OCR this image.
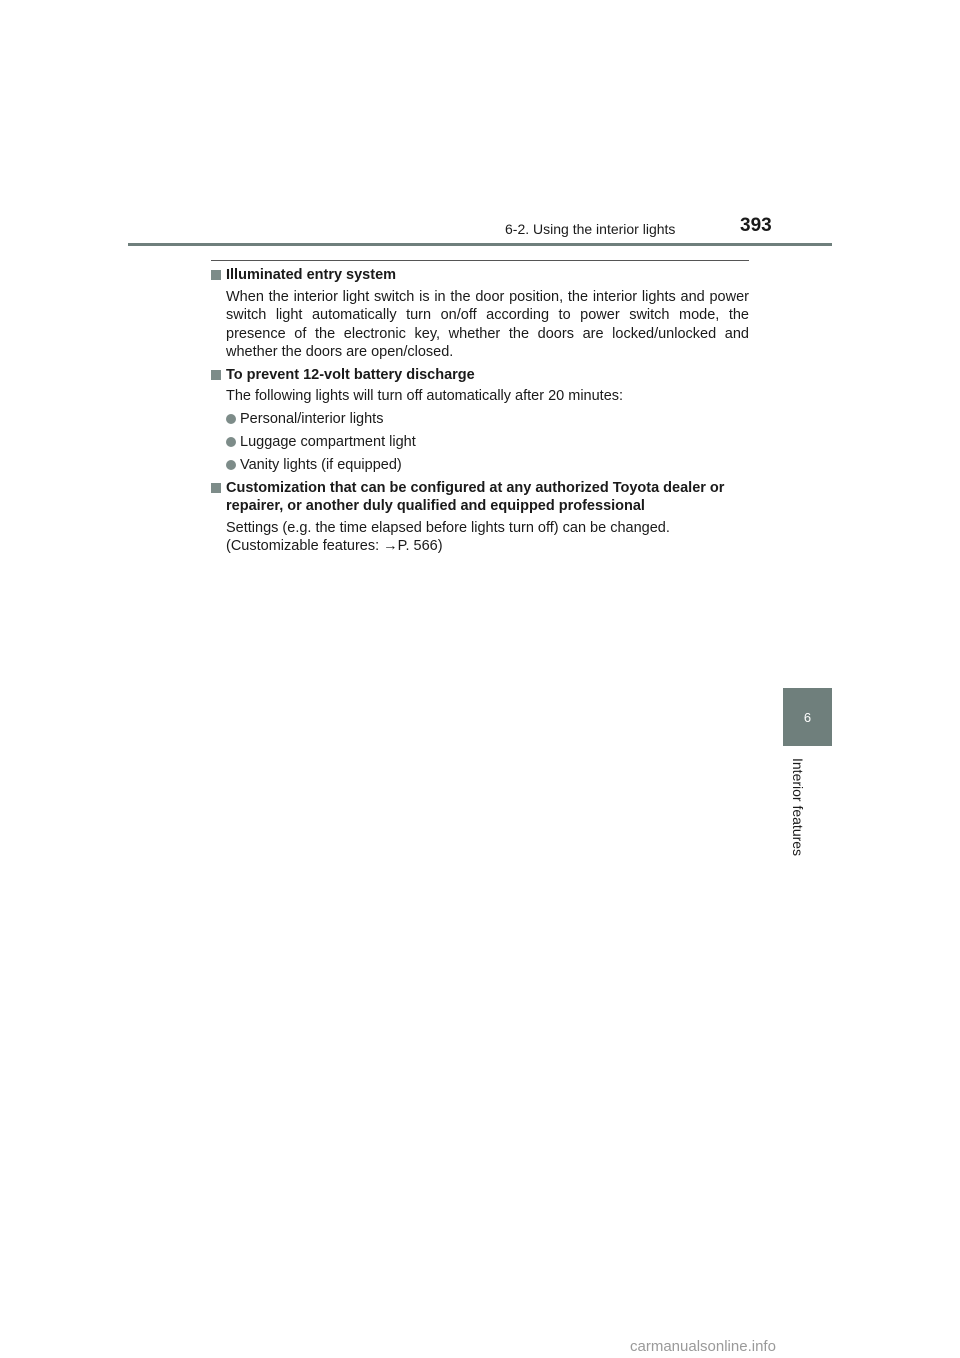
6-2. Using the interior lights	393
Illuminated entry system
When the interior light switch is in the door position, the interior lights and power switch light automatically turn on/off according to power switch mode, the presence of the electronic key, whether the doors are locked/unlocked and whether the doors are open/closed.
To prevent 12-volt battery discharge
The following lights will turn off automatically after 20 minutes:
Personal/interior lights
Luggage compartment light
Vanity lights (if equipped)
Customization that can be configured at any authorized Toyota dealer or repairer, or another duly qualified and equipped professional
Settings (e.g. the time elapsed before lights turn off) can be changed.
(Customizable features: →P. 566)
6
Interior features
carmanualsonline.info
